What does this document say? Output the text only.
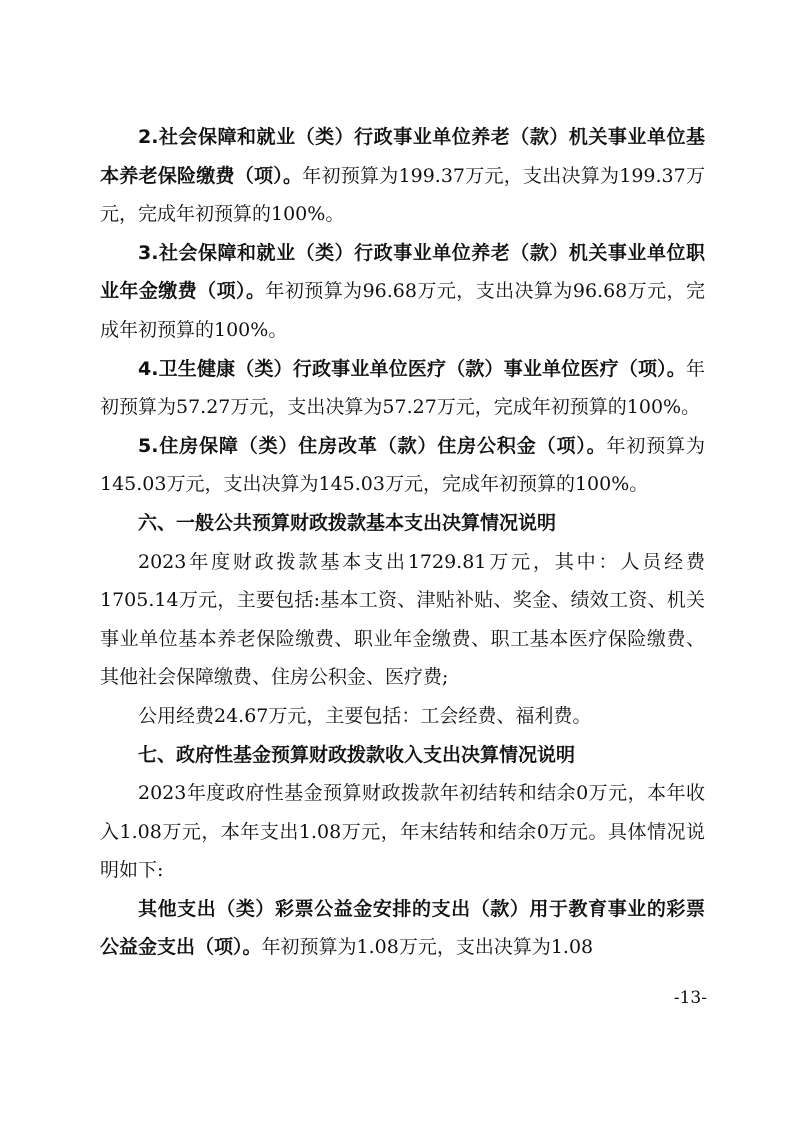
2.社会保障和就业（类）行政事业单位养老（款）机关事业单位基本养老保险缴费（项）。年初预算为199.37万元，支出决算为199.37万元，完成年初预算的100%。

3.社会保障和就业（类）行政事业单位养老（款）机关事业单位职业年金缴费（项）。年初预算为96.68万元，支出决算为96.68万元，完成年初预算的100%。

4.卫生健康（类）行政事业单位医疗（款）事业单位医疗（项）。年初预算为57.27万元，支出决算为57.27万元，完成年初预算的100%。

5.住房保障（类）住房改革（款）住房公积金（项）。年初预算为145.03万元，支出决算为145.03万元，完成年初预算的100%。

六、一般公共预算财政拨款基本支出决算情况说明

2023年度财政拨款基本支出1729.81万元，其中：人员经费1705.14万元，主要包括:基本工资、津贴补贴、奖金、绩效工资、机关事业单位基本养老保险缴费、职业年金缴费、职工基本医疗保险缴费、其他社会保障缴费、住房公积金、医疗费;

公用经费24.67万元，主要包括：工会经费、福利费。

七、政府性基金预算财政拨款收入支出决算情况说明

2023年度政府性基金预算财政拨款年初结转和结余0万元，本年收入1.08万元，本年支出1.08万元，年末结转和结余0万元。具体情况说明如下:

其他支出（类）彩票公益金安排的支出（款）用于教育事业的彩票公益金支出（项）。年初预算为1.08万元，支出决算为1.08

-13-
